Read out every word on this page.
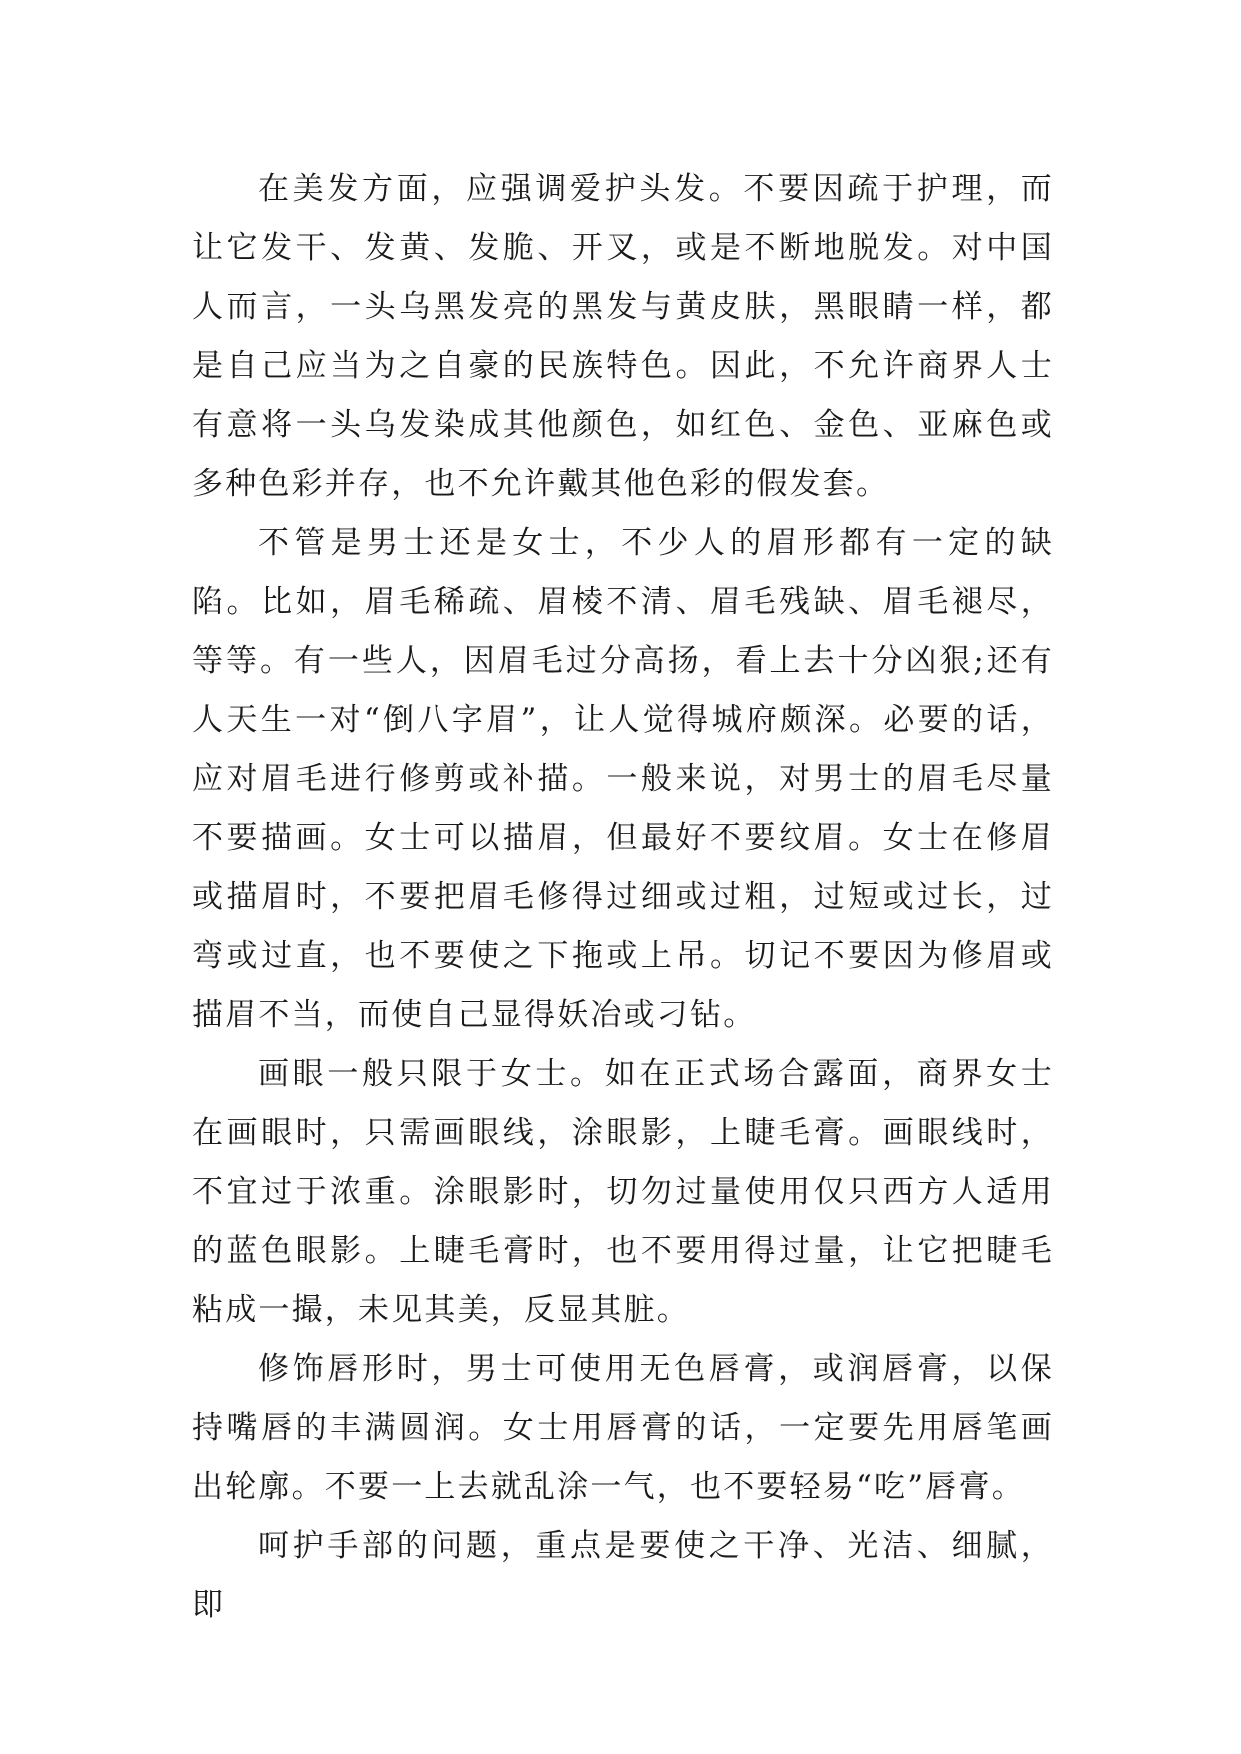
在美发方面，应强调爱护头发。不要因疏于护理，而让它发干、发黄、发脆、开叉，或是不断地脱发。对中国人而言，一头乌黑发亮的黑发与黄皮肤，黑眼睛一样，都是自己应当为之自豪的民族特色。因此，不允许商界人士有意将一头乌发染成其他颜色，如红色、金色、亚麻色或多种色彩并存，也不允许戴其他色彩的假发套。

不管是男士还是女士，不少人的眉形都有一定的缺陷。比如，眉毛稀疏、眉棱不清、眉毛残缺、眉毛褪尽，等等。有一些人，因眉毛过分高扬，看上去十分凶狠;还有人天生一对“倒八字眉”，让人觉得城府颇深。必要的话，应对眉毛进行修剪或补描。一般来说，对男士的眉毛尽量不要描画。女士可以描眉，但最好不要纹眉。女士在修眉或描眉时，不要把眉毛修得过细或过粗，过短或过长，过弯或过直，也不要使之下拖或上吊。切记不要因为修眉或描眉不当，而使自己显得妖冶或刁钻。

画眼一般只限于女士。如在正式场合露面，商界女士在画眼时，只需画眼线，涂眼影，上睫毛膏。画眼线时，不宜过于浓重。涂眼影时，切勿过量使用仅只西方人适用的蓝色眼影。上睫毛膏时，也不要用得过量，让它把睫毛粘成一撮，未见其美，反显其脏。

修饰唇形时，男士可使用无色唇膏，或润唇膏，以保持嘴唇的丰满圆润。女士用唇膏的话，一定要先用唇笔画出轮廓。不要一上去就乱涂一气，也不要轻易“吃”唇膏。

呵护手部的问题，重点是要使之干净、光洁、细腻，即
